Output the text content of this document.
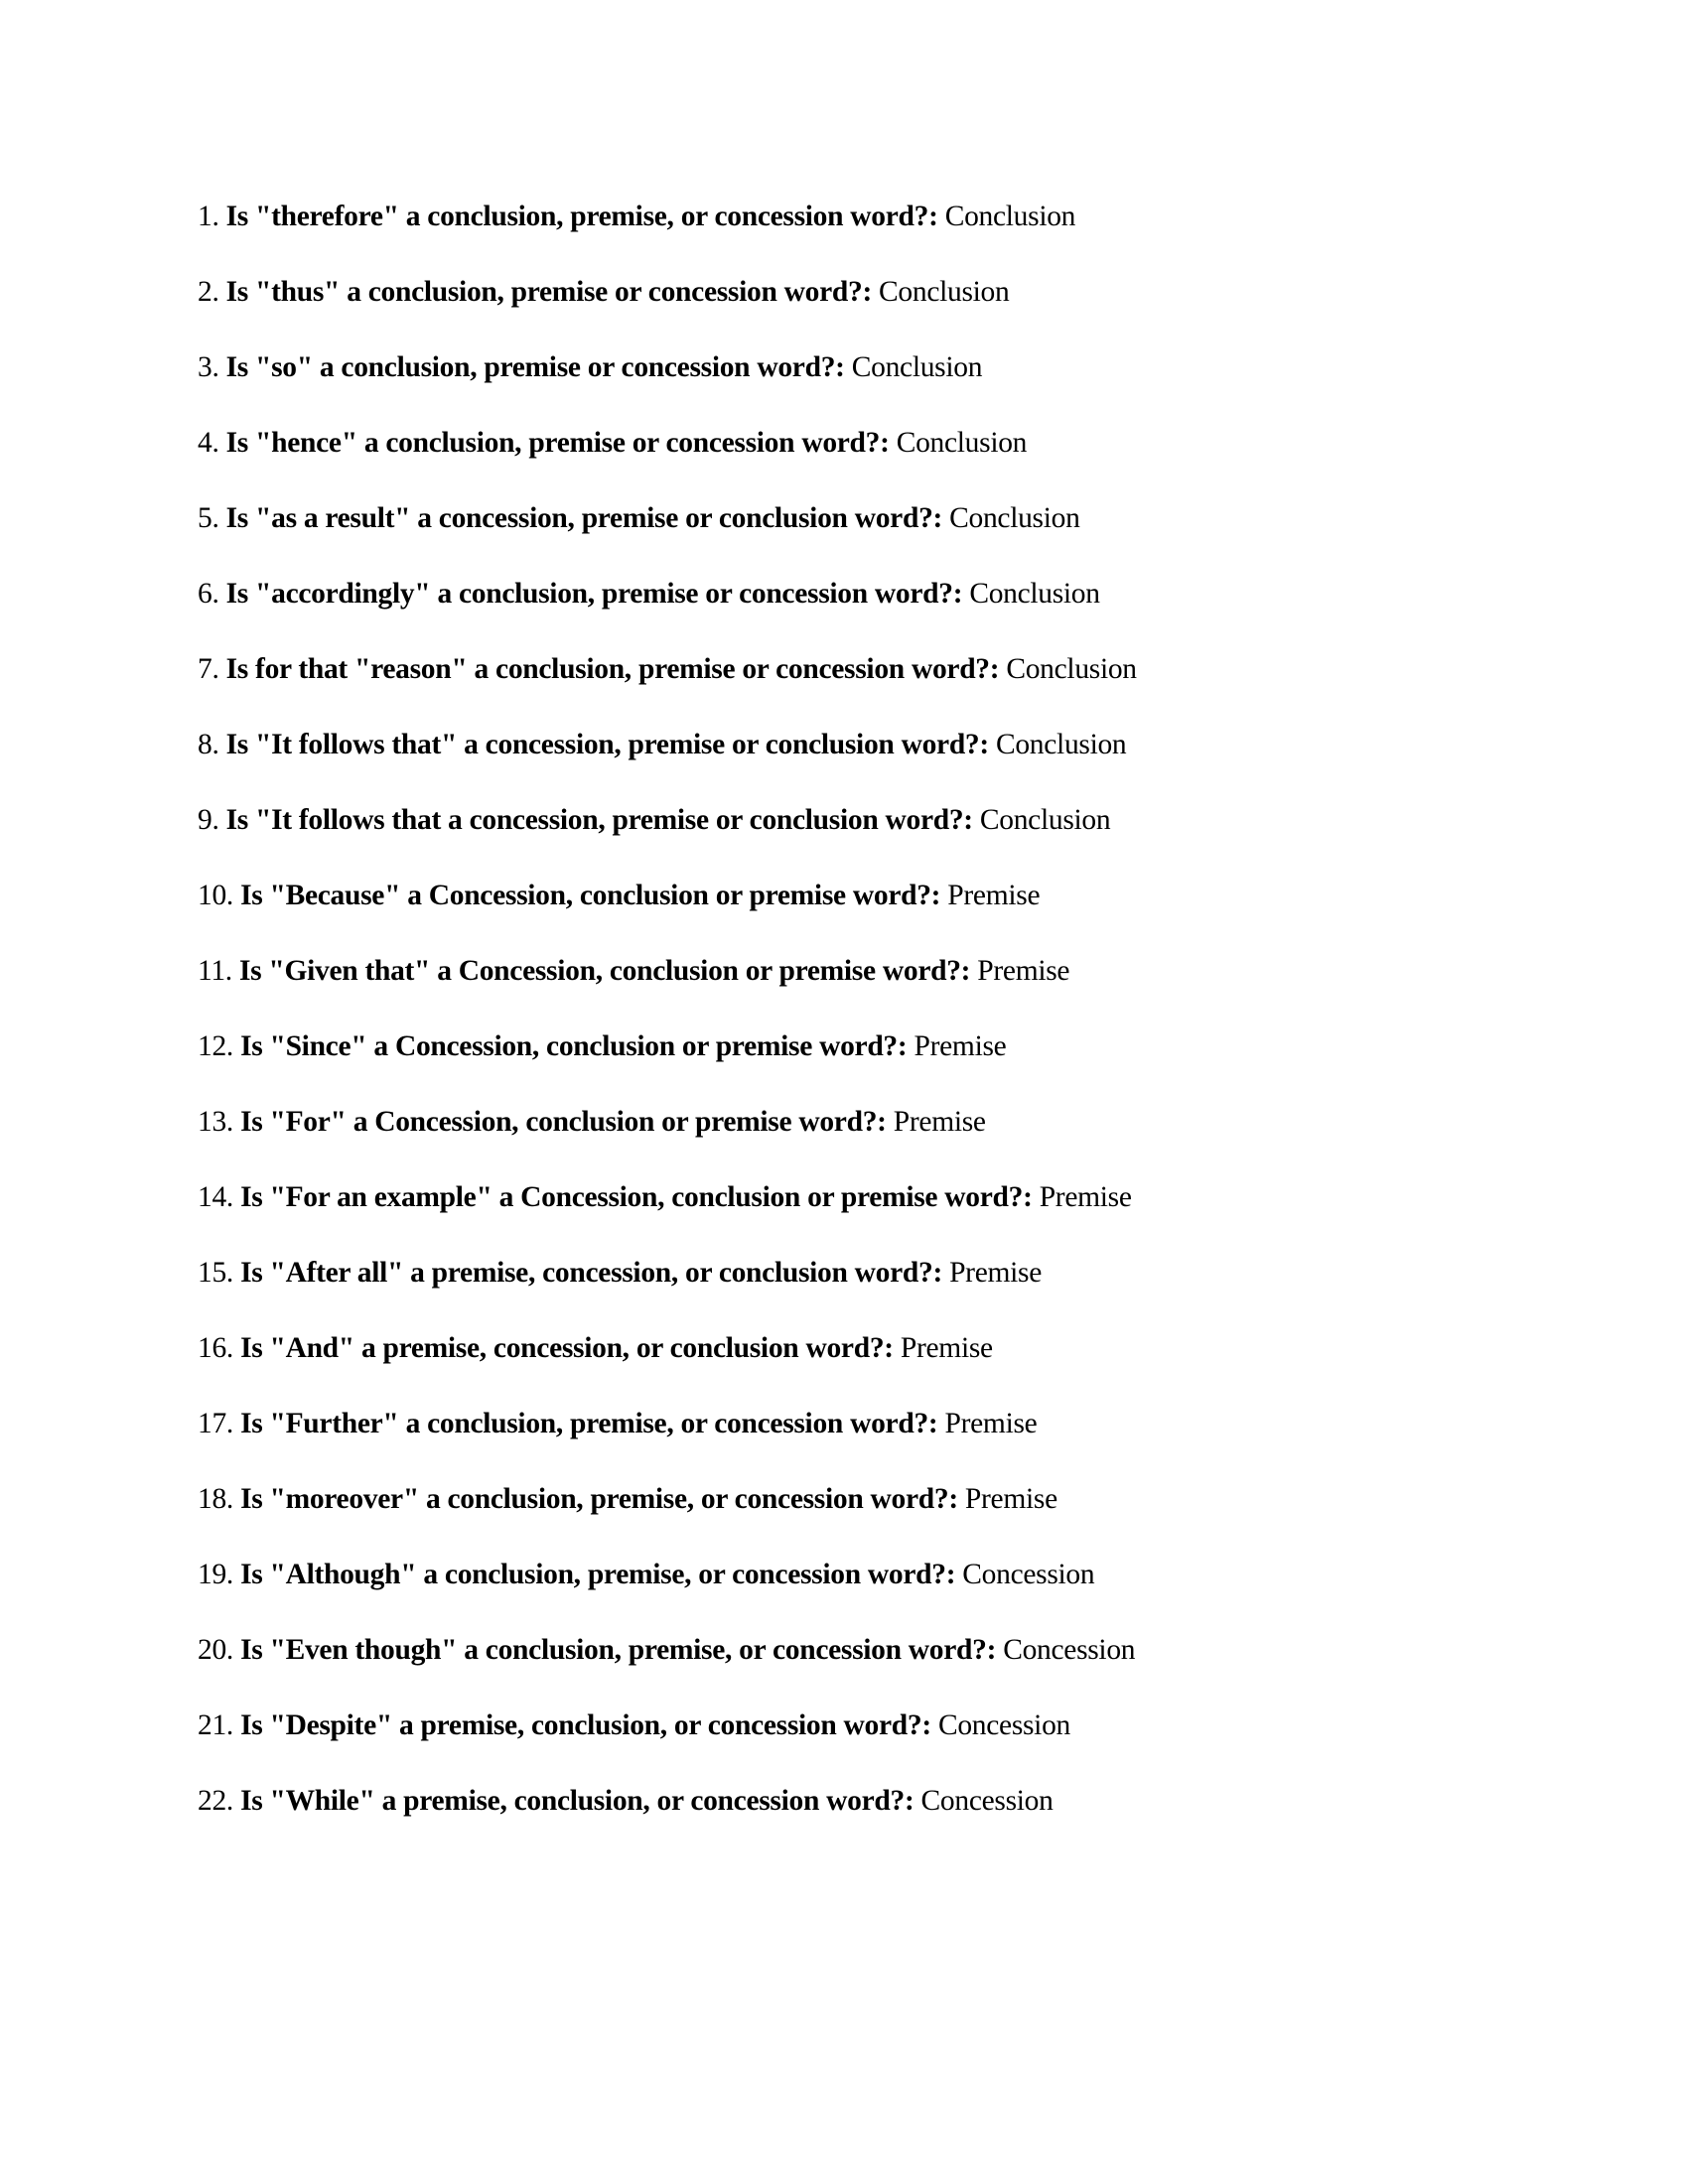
1. Is "therefore" a conclusion, premise, or concession word?: Conclusion
2. Is "thus" a conclusion, premise or concession word?: Conclusion
3. Is "so" a conclusion, premise or concession word?: Conclusion
4. Is "hence" a conclusion, premise or concession word?: Conclusion
5. Is "as a result" a concession, premise or conclusion word?: Conclusion
6. Is "accordingly" a conclusion, premise or concession word?: Conclusion
7. Is for that "reason" a conclusion, premise or concession word?: Conclusion
8. Is "It follows that" a concession, premise or conclusion word?: Conclusion
9. Is "It follows that a concession, premise or conclusion word?: Conclusion
10. Is "Because" a Concession, conclusion or premise word?: Premise
11. Is "Given that" a Concession, conclusion or premise word?: Premise
12. Is "Since" a Concession, conclusion or premise word?: Premise
13. Is "For" a Concession, conclusion or premise word?: Premise
14. Is "For an example" a Concession, conclusion or premise word?: Premise
15. Is "After all" a premise, concession, or conclusion word?: Premise
16. Is "And" a premise, concession, or conclusion word?: Premise
17. Is "Further" a conclusion, premise, or concession word?: Premise
18. Is "moreover" a conclusion, premise, or concession word?: Premise
19. Is "Although" a conclusion, premise, or concession word?: Concession
20. Is "Even though" a conclusion, premise, or concession word?: Concession
21. Is "Despite" a premise, conclusion, or concession word?: Concession
22. Is "While" a premise, conclusion, or concession word?: Concession
